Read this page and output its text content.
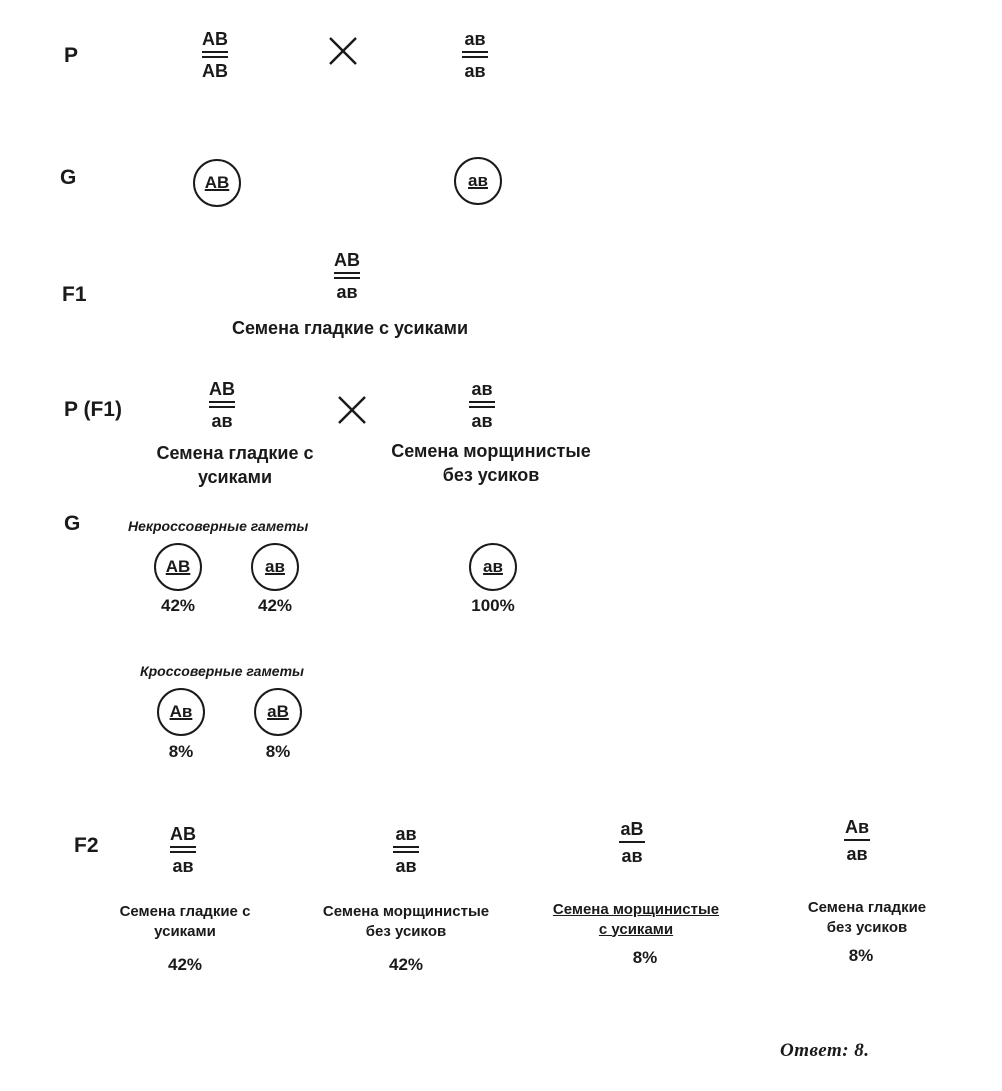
P
AB
AB
ав
ав
G	AB	ав
F1
AB
ав
Семена гладкие с усиками
P (F1)
AB
ав
ав
ав
Семена гладкие с
усиками
Семена морщинистые
без усиков
G	Некроссоверные гаметы
AB
42%
ав
42%
ав
100%
Кроссоверные гаметы
Ав
8%
аB
8%
F2	AB
ав
Семена гладкие с
усиками
42%
ав
ав
Семена морщинистые
без усиков
42%
аB
ав
Семена морщинистые
с усиками
8%
Ав
ав
Семена гладкие
без усиков
8%
Ответ: 8.
